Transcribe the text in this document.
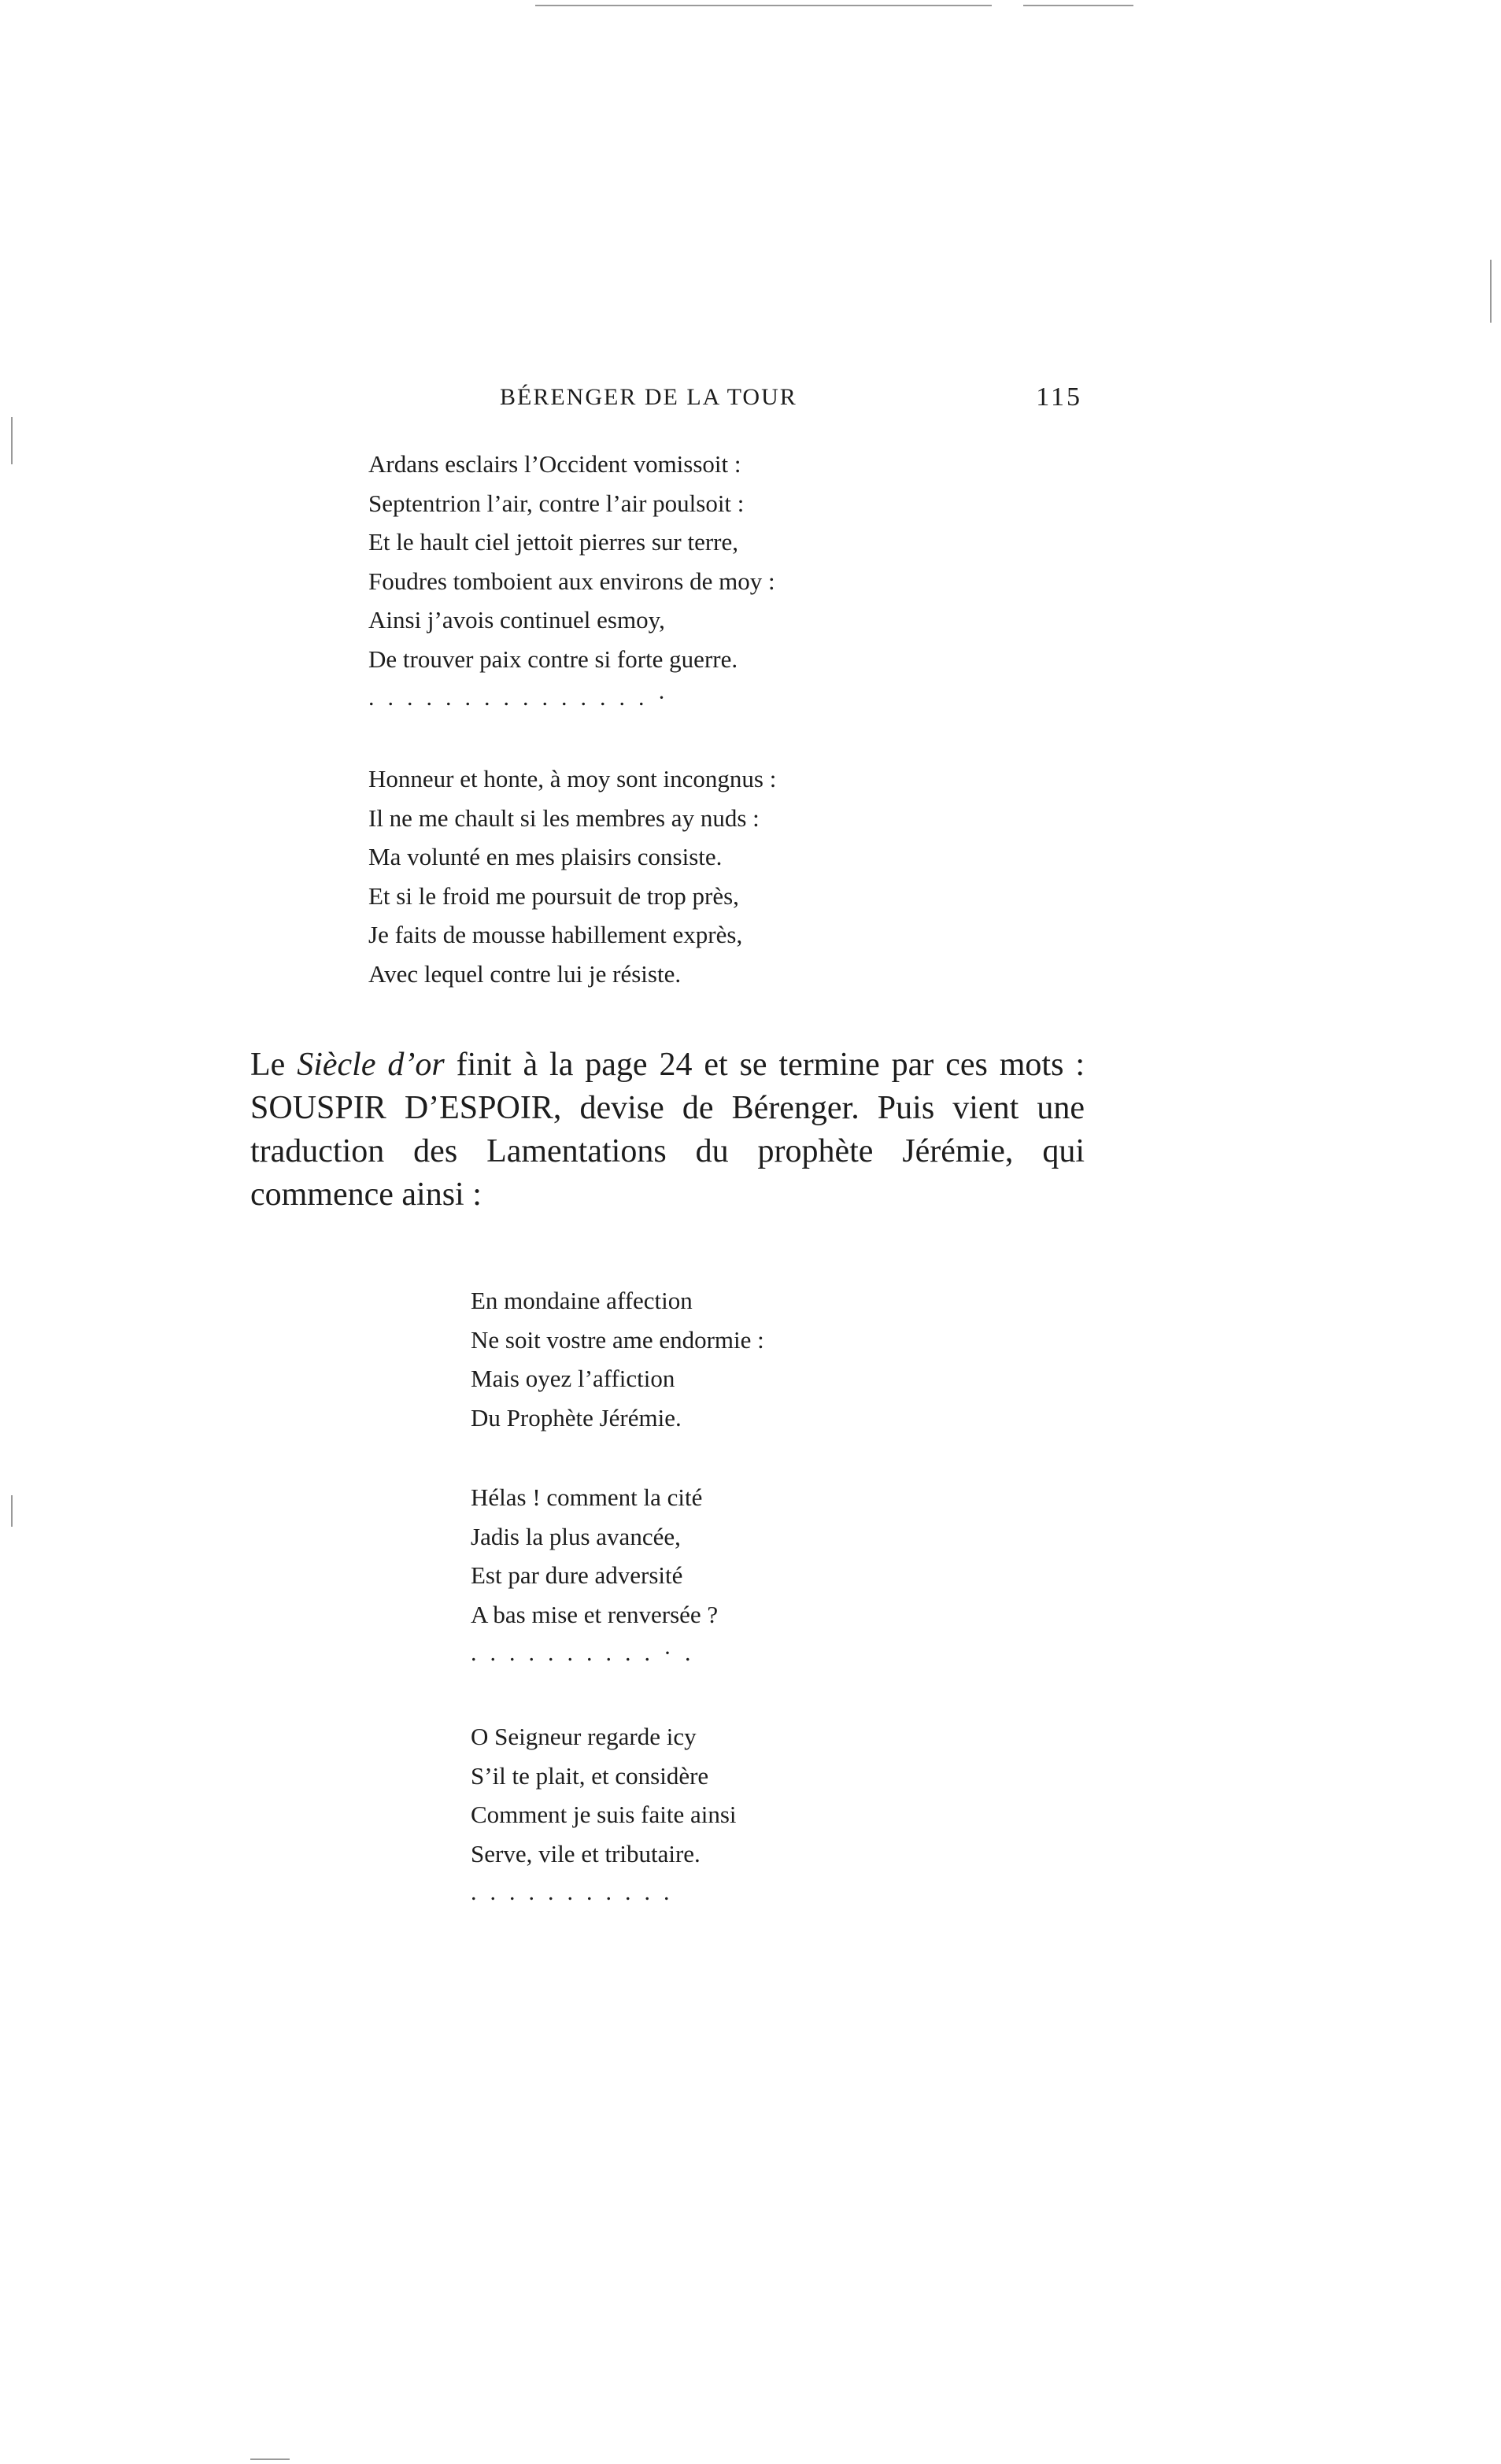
BÉRENGER DE LA TOUR	115
Ardans esclairs l’Occident vomissoit :
Septentrion l’air, contre l’air poulsoit :
Et le hault ciel jettoit pierres sur terre,
Foudres tomboient aux environs de moy :
Ainsi j’avois continuel esmoy,
De trouver paix contre si forte guerre.
...............·
Honneur et honte, à moy sont incongnus :
Il ne me chault si les membres ay nuds :
Ma volunté en mes plaisirs consiste.
Et si le froid me poursuit de trop près,
Je faits de mousse habillement exprès,
Avec lequel contre lui je résiste.

Le Siècle d’or finit à la page 24 et se termine par ces mots : SOUSPIR D’ESPOIR, devise de Bérenger. Puis vient une traduction des Lamentations du prophète Jérémie, qui commence ainsi :

En mondaine affection
Ne soit vostre ame endormie :
Mais oyez l’affiction
Du Prophète Jérémie.
Hélas ! comment la cité
Jadis la plus avancée,
Est par dure adversité
A bas mise et renversée ?
..........·.
O Seigneur regarde icy
S’il te plait, et considère
Comment je suis faite ainsi
Serve, vile et tributaire.
...........
